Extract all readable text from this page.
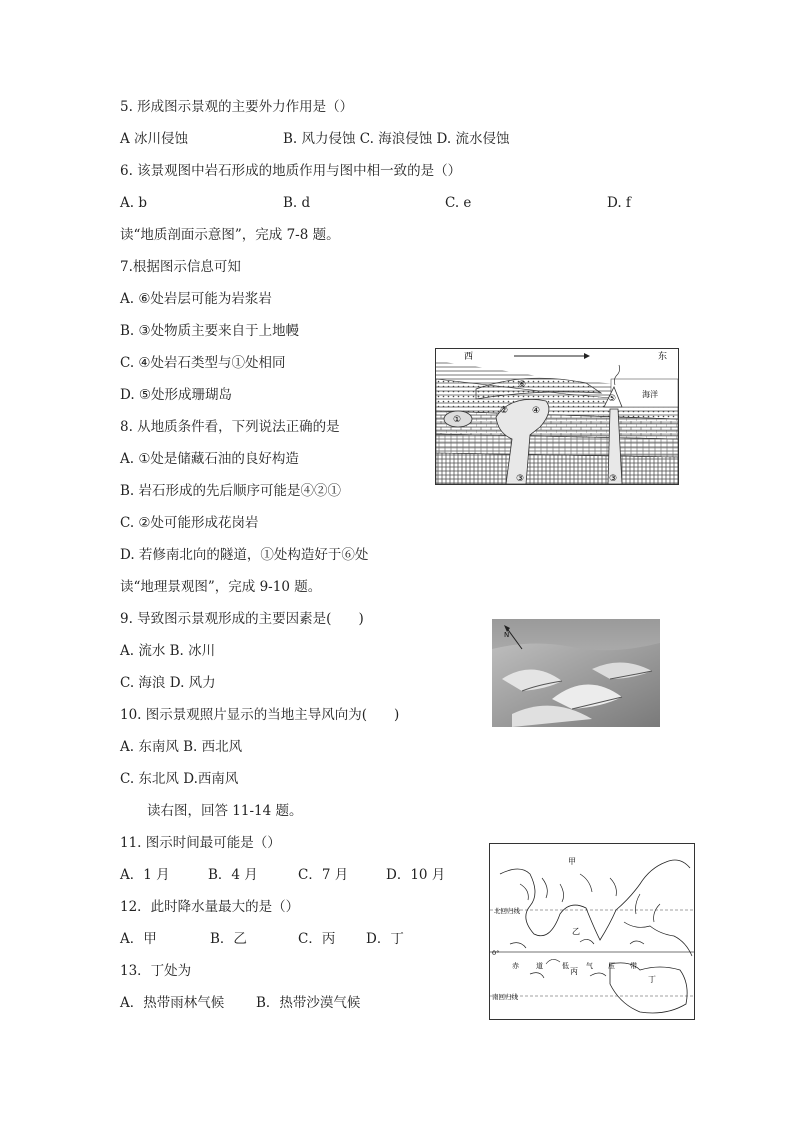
5. 形成图示景观的主要外力作用是（）
A 冰川侵蚀	B. 风力侵蚀 C. 海浪侵蚀 D. 流水侵蚀
6. 该景观图中岩石形成的地质作用与图中相一致的是（）
A. b	B. d	C. e	D. f
读“地质剖面示意图”，完成 7-8 题。
7.根据图示信息可知
A. ⑥处岩层可能为岩浆岩
B. ③处物质主要来自于上地幔
C. ④处岩石类型与①处相同
D. ⑤处形成珊瑚岛
8. 从地质条件看，下列说法正确的是
A. ①处是储藏石油的良好构造
B. 岩石形成的先后顺序可能是④②①
C. ②处可能形成花岗岩
D. 若修南北向的隧道，①处构造好于⑥处
读“地理景观图”，完成 9-10 题。
9. 导致图示景观形成的主要因素是(　　)
A. 流水 B. 冰川
C. 海浪 D. 风力
10. 图示景观照片显示的当地主导风向为(　　)
A. 东南风 B. 西北风
C. 东北风 D.西南风
读右图，回答 11-14 题。
11. 图示时间最可能是（）
A．1 月	B．4 月	C．7 月	D．10 月
12．此时降水量最大的是（）
A．甲	B．乙	C．丙 D．丁
13．丁处为
A．热带雨林气候 B．热带沙漠气候
西	东
海洋
①
②
③	③
④
⑤
⑥
N
北回归线
0°
南回归线
甲
乙
丙
丁
赤 道	低 气 压 带
